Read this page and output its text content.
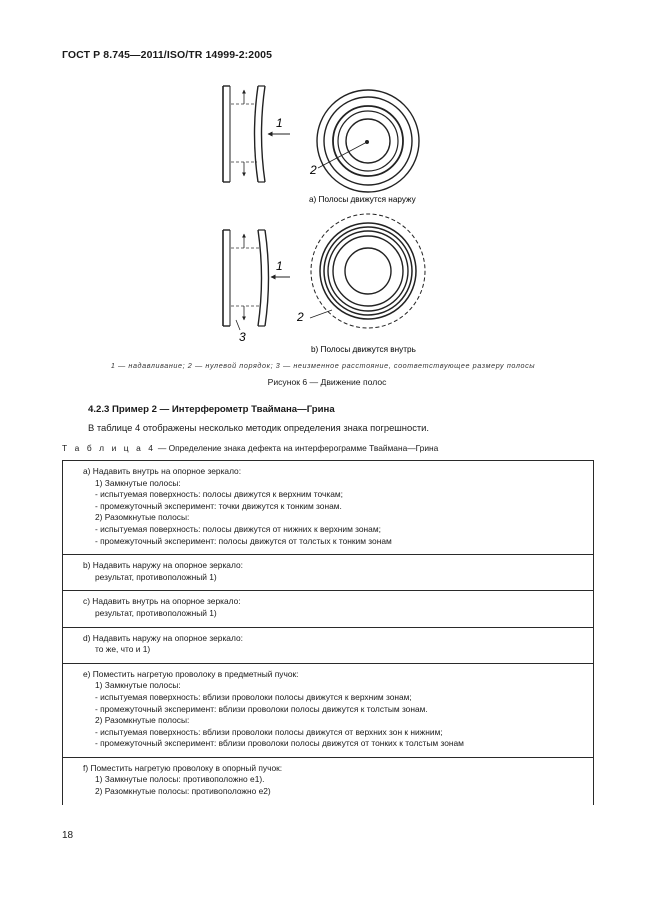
ГОСТ Р 8.745—2011/ISO/TR 14999-2:2005
1
2
1
2
3
а) Полосы движутся наружу
b) Полосы движутся внутрь
1 — надавливание; 2 — нулевой порядок; 3 — неизменное расстояние, соответствующее размеру полосы
Рисунок 6 — Движение полос
4.2.3 Пример 2 — Интерферометр Тваймана—Грина
В таблице 4 отображены несколько методик определения знака погрешности.
Т а б л и ц а 4 — Определение знака дефекта на интерферограмме Тваймана—Грина
а) Надавить внутрь на опорное зеркало:
1) Замкнутые полосы:
- испытуемая поверхность: полосы движутся к верхним точкам;
- промежуточный эксперимент: точки движутся к тонким зонам.
2) Разомкнутые полосы:
- испытуемая поверхность: полосы движутся от нижних к верхним зонам;
- промежуточный эксперимент: полосы движутся от толстых к тонким зонам

b) Надавить наружу на опорное зеркало:
результат, противоположный 1)

с) Надавить внутрь на опорное зеркало:
результат, противоположный 1)

d) Надавить наружу на опорное зеркало:
то же, что и 1)

е) Поместить нагретую проволоку в предметный пучок:
1) Замкнутые полосы:
- испытуемая поверхность: вблизи проволоки полосы движутся к верхним зонам;
- промежуточный эксперимент: вблизи проволоки полосы движутся к толстым зонам.
2) Разомкнутые полосы:
- испытуемая поверхность: вблизи проволоки полосы движутся от верхних зон к нижним;
- промежуточный эксперимент: вблизи проволоки полосы движутся от тонких к толстым зонам

f) Поместить нагретую проволоку в опорный пучок:
1) Замкнутые полосы: противоположно е1).
2) Разомкнутые полосы: противоположно е2)
18
